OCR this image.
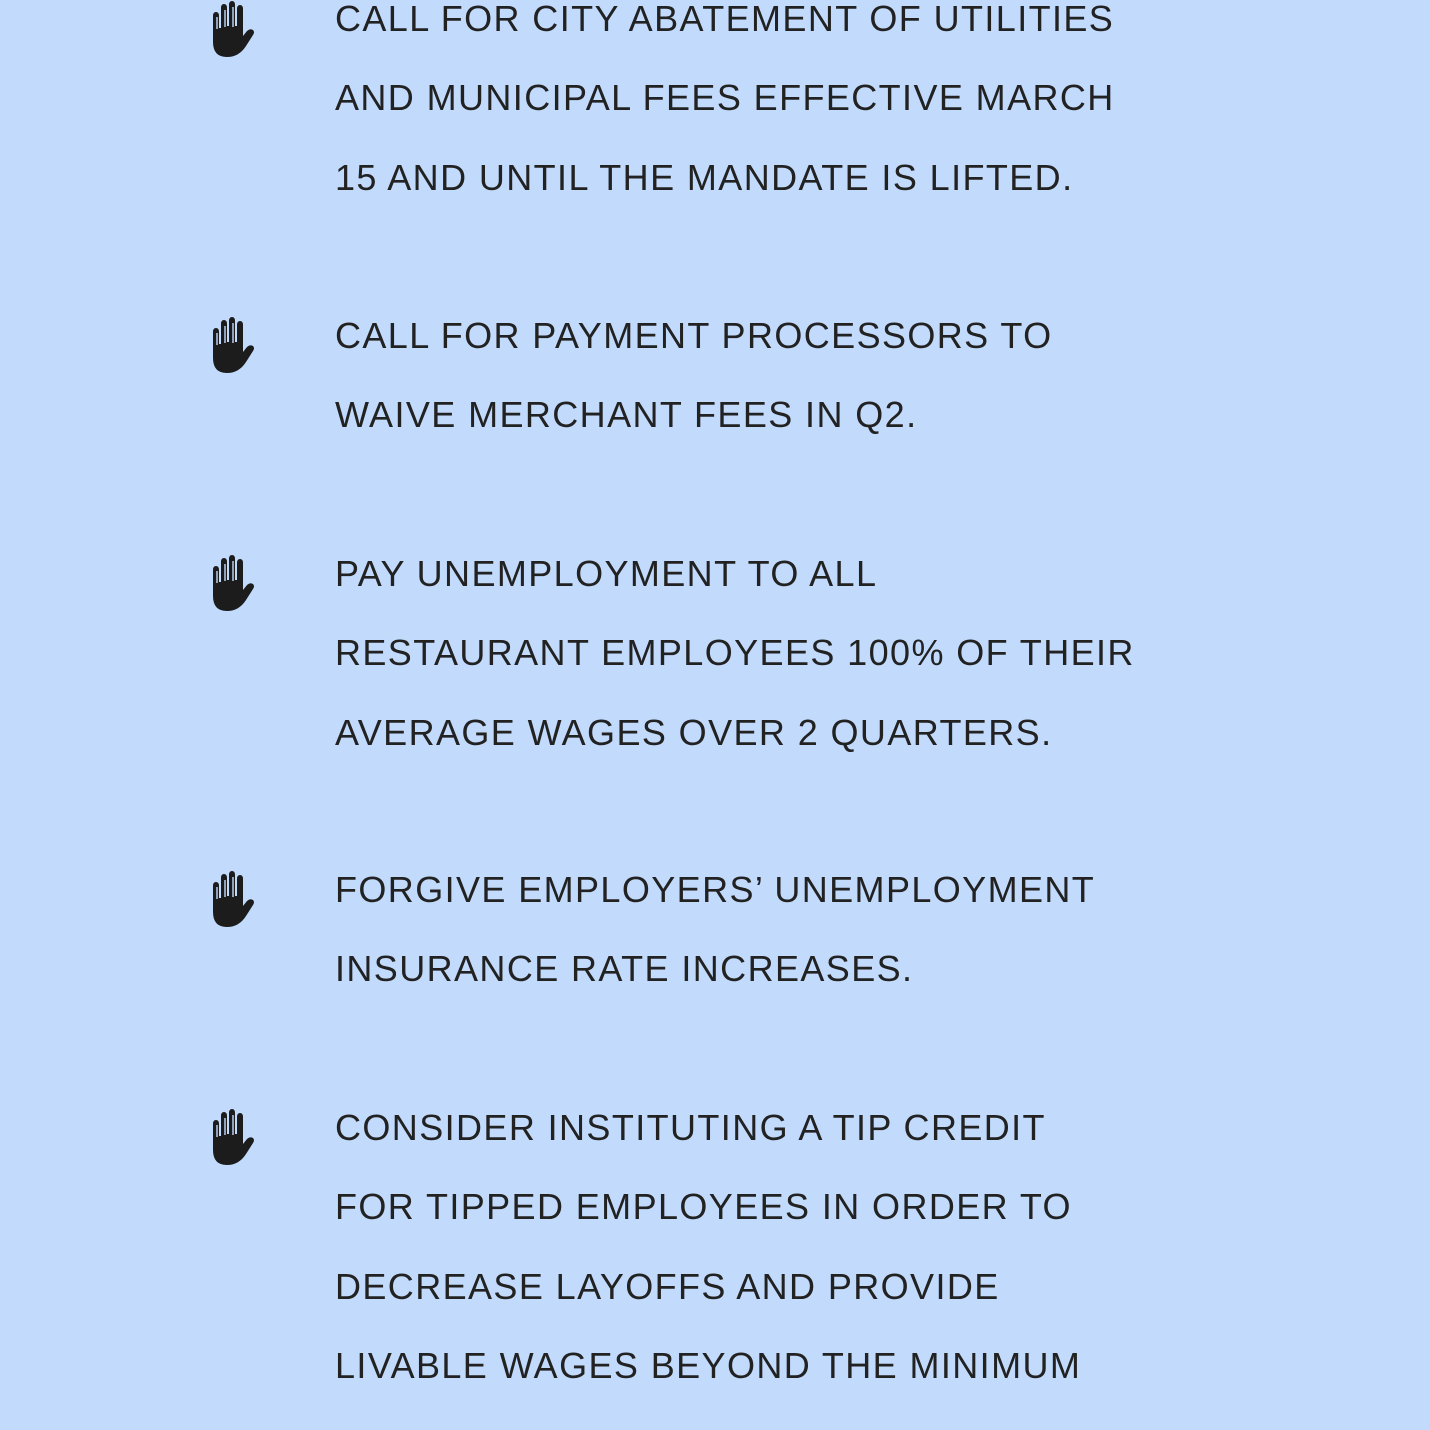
CALL FOR CITY ABATEMENT OF UTILITIES
AND MUNICIPAL FEES EFFECTIVE MARCH
15 AND UNTIL THE MANDATE IS LIFTED.

CALL FOR PAYMENT PROCESSORS TO
WAIVE MERCHANT FEES IN Q2.

PAY UNEMPLOYMENT TO ALL
RESTAURANT EMPLOYEES 100% OF THEIR
AVERAGE WAGES OVER 2 QUARTERS.

FORGIVE EMPLOYERS’ UNEMPLOYMENT
INSURANCE RATE INCREASES.

CONSIDER INSTITUTING A TIP CREDIT
FOR TIPPED EMPLOYEES IN ORDER TO
DECREASE LAYOFFS AND PROVIDE
LIVABLE WAGES BEYOND THE MINIMUM
